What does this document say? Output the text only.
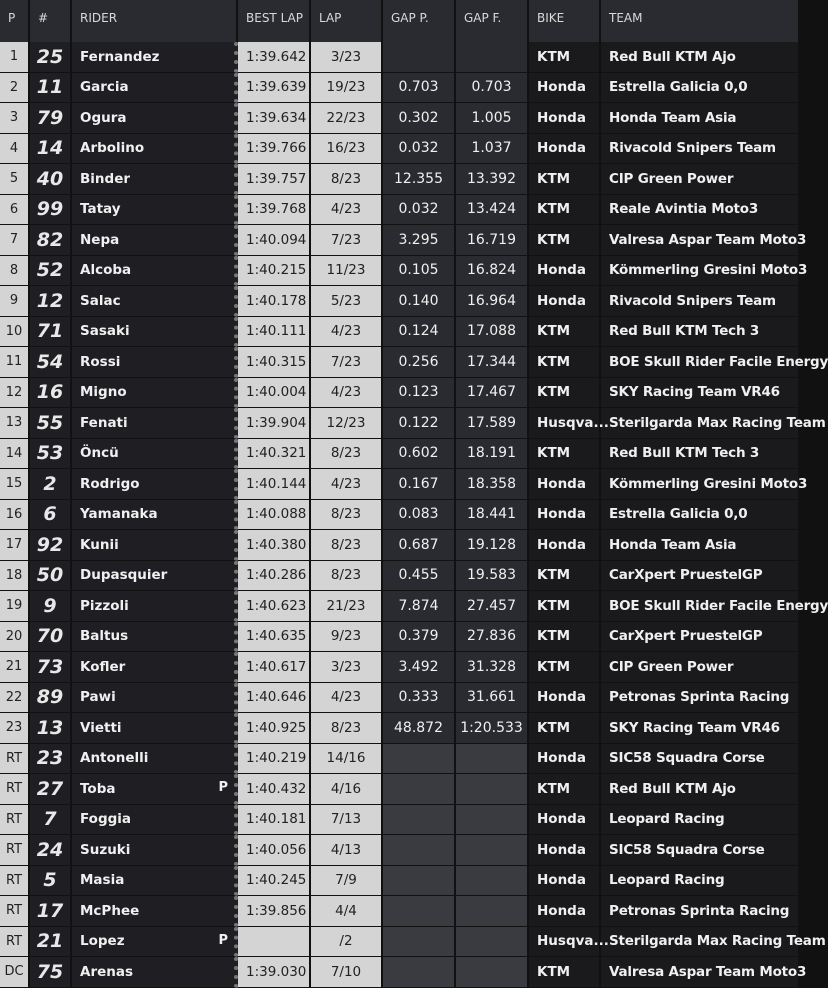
P	#	RIDER	BEST LAP	LAP	GAP P.	GAP F.	BIKE	TEAM
1	25	Fernandez	1:39.642	3/23			KTM	Red Bull KTM Ajo
2	11	Garcia	1:39.639	19/23	0.703	0.703	Honda	Estrella Galicia 0,0
3	79	Ogura	1:39.634	22/23	0.302	1.005	Honda	Honda Team Asia
4	14	Arbolino	1:39.766	16/23	0.032	1.037	Honda	Rivacold Snipers Team
5	40	Binder	1:39.757	8/23	12.355	13.392	KTM	CIP Green Power
6	99	Tatay	1:39.768	4/23	0.032	13.424	KTM	Reale Avintia Moto3
7	82	Nepa	1:40.094	7/23	3.295	16.719	KTM	Valresa Aspar Team Moto3
8	52	Alcoba	1:40.215	11/23	0.105	16.824	Honda	Kömmerling Gresini Moto3
9	12	Salac	1:40.178	5/23	0.140	16.964	Honda	Rivacold Snipers Team
10	71	Sasaki	1:40.111	4/23	0.124	17.088	KTM	Red Bull KTM Tech 3
11	54	Rossi	1:40.315	7/23	0.256	17.344	KTM	BOE Skull Rider Facile Energy
12	16	Migno	1:40.004	4/23	0.123	17.467	KTM	SKY Racing Team VR46
13	55	Fenati	1:39.904	12/23	0.122	17.589	Husqva...	Sterilgarda Max Racing Team
14	53	Öncü	1:40.321	8/23	0.602	18.191	KTM	Red Bull KTM Tech 3
15	2	Rodrigo	1:40.144	4/23	0.167	18.358	Honda	Kömmerling Gresini Moto3
16	6	Yamanaka	1:40.088	8/23	0.083	18.441	Honda	Estrella Galicia 0,0
17	92	Kunii	1:40.380	8/23	0.687	19.128	Honda	Honda Team Asia
18	50	Dupasquier	1:40.286	8/23	0.455	19.583	KTM	CarXpert PruestelGP
19	9	Pizzoli	1:40.623	21/23	7.874	27.457	KTM	BOE Skull Rider Facile Energy
20	70	Baltus	1:40.635	9/23	0.379	27.836	KTM	CarXpert PruestelGP
21	73	Kofler	1:40.617	3/23	3.492	31.328	KTM	CIP Green Power
22	89	Pawi	1:40.646	4/23	0.333	31.661	Honda	Petronas Sprinta Racing
23	13	Vietti	1:40.925	8/23	48.872	1:20.533	KTM	SKY Racing Team VR46
RT	23	Antonelli	1:40.219	14/16			Honda	SIC58 Squadra Corse
RT	27	Toba P	1:40.432	4/16			KTM	Red Bull KTM Ajo
RT	7	Foggia	1:40.181	7/13			Honda	Leopard Racing
RT	24	Suzuki	1:40.056	4/13			Honda	SIC58 Squadra Corse
RT	5	Masia	1:40.245	7/9			Honda	Leopard Racing
RT	17	McPhee	1:39.856	4/4			Honda	Petronas Sprinta Racing
RT	21	Lopez P		/2			Husqva...	Sterilgarda Max Racing Team
DC	75	Arenas	1:39.030	7/10			KTM	Valresa Aspar Team Moto3
